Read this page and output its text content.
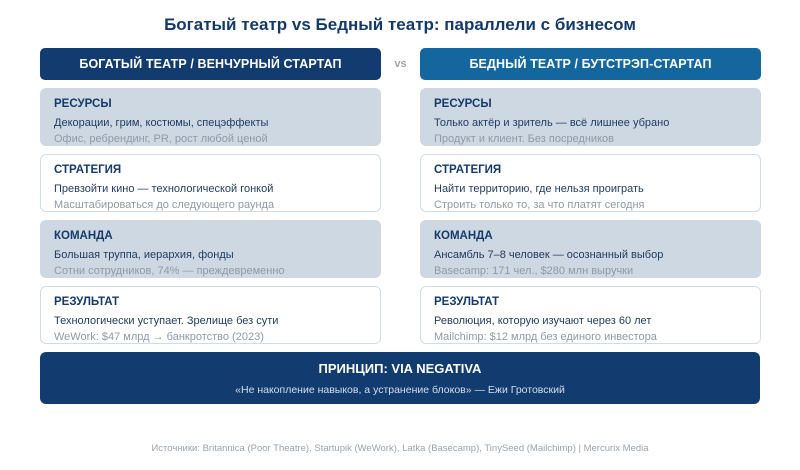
Богатый театр vs Бедный театр: параллели с бизнесом
БОГАТЫЙ ТЕАТР / ВЕНЧУРНЫЙ СТАРТАП	vs	БЕДНЫЙ ТЕАТР / БУТСТРЭП-СТАРТАП
РЕСУРСЫ
Декорации, грим, костюмы, спецэффекты
Офис, ребрендинг, PR, рост любой ценой
СТРАТЕГИЯ
Превзойти кино — технологической гонкой
Масштабироваться до следующего раунда
КОМАНДА
Большая труппа, иерархия, фонды
Сотни сотрудников, 74% — преждевременно
РЕЗУЛЬТАТ
Технологически уступает. Зрелище без сути
WeWork: $47 млрд → банкротство (2023)
РЕСУРСЫ
Только актёр и зритель — всё лишнее убрано
Продукт и клиент. Без посредников
СТРАТЕГИЯ
Найти территорию, где нельзя проиграть
Строить только то, за что платят сегодня
КОМАНДА
Ансамбль 7–8 человек — осознанный выбор
Basecamp: 171 чел., $280 млн выручки
РЕЗУЛЬТАТ
Революция, которую изучают через 60 лет
Mailchimp: $12 млрд без единого инвестора
ПРИНЦИП: VIA NEGATIVA
«Не накопление навыков, а устранение блоков» — Ежи Гротовский
Источники: Britannica (Poor Theatre), Startupik (WeWork), Latka (Basecamp), TinySeed (Mailchimp) | Mercurix Media
